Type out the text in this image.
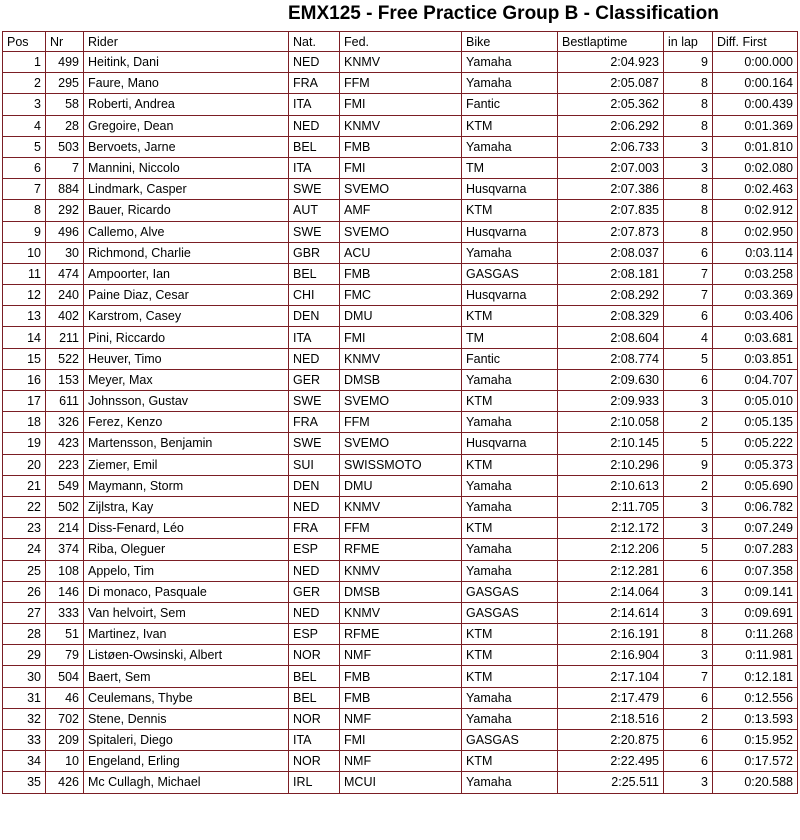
EMX125 - Free Practice Group B - Classification
Pos	Nr	Rider	Nat.	Fed.	Bike	Bestlaptime	in lap	Diff. First
1	499	Heitink, Dani	NED	KNMV	Yamaha	2:04.923	9	0:00.000
2	295	Faure, Mano	FRA	FFM	Yamaha	2:05.087	8	0:00.164
3	58	Roberti, Andrea	ITA	FMI	Fantic	2:05.362	8	0:00.439
4	28	Gregoire, Dean	NED	KNMV	KTM	2:06.292	8	0:01.369
5	503	Bervoets, Jarne	BEL	FMB	Yamaha	2:06.733	3	0:01.810
6	7	Mannini, Niccolo	ITA	FMI	TM	2:07.003	3	0:02.080
7	884	Lindmark, Casper	SWE	SVEMO	Husqvarna	2:07.386	8	0:02.463
8	292	Bauer, Ricardo	AUT	AMF	KTM	2:07.835	8	0:02.912
9	496	Callemo, Alve	SWE	SVEMO	Husqvarna	2:07.873	8	0:02.950
10	30	Richmond, Charlie	GBR	ACU	Yamaha	2:08.037	6	0:03.114
11	474	Ampoorter, Ian	BEL	FMB	GASGAS	2:08.181	7	0:03.258
12	240	Paine Diaz, Cesar	CHI	FMC	Husqvarna	2:08.292	7	0:03.369
13	402	Karstrom, Casey	DEN	DMU	KTM	2:08.329	6	0:03.406
14	211	Pini, Riccardo	ITA	FMI	TM	2:08.604	4	0:03.681
15	522	Heuver, Timo	NED	KNMV	Fantic	2:08.774	5	0:03.851
16	153	Meyer, Max	GER	DMSB	Yamaha	2:09.630	6	0:04.707
17	611	Johnsson, Gustav	SWE	SVEMO	KTM	2:09.933	3	0:05.010
18	326	Ferez, Kenzo	FRA	FFM	Yamaha	2:10.058	2	0:05.135
19	423	Martensson, Benjamin	SWE	SVEMO	Husqvarna	2:10.145	5	0:05.222
20	223	Ziemer, Emil	SUI	SWISSMOTO	KTM	2:10.296	9	0:05.373
21	549	Maymann, Storm	DEN	DMU	Yamaha	2:10.613	2	0:05.690
22	502	Zijlstra, Kay	NED	KNMV	Yamaha	2:11.705	3	0:06.782
23	214	Diss-Fenard, Léo	FRA	FFM	KTM	2:12.172	3	0:07.249
24	374	Riba, Oleguer	ESP	RFME	Yamaha	2:12.206	5	0:07.283
25	108	Appelo, Tim	NED	KNMV	Yamaha	2:12.281	6	0:07.358
26	146	Di monaco, Pasquale	GER	DMSB	GASGAS	2:14.064	3	0:09.141
27	333	Van helvoirt, Sem	NED	KNMV	GASGAS	2:14.614	3	0:09.691
28	51	Martinez, Ivan	ESP	RFME	KTM	2:16.191	8	0:11.268
29	79	Listøen-Owsinski, Albert	NOR	NMF	KTM	2:16.904	3	0:11.981
30	504	Baert, Sem	BEL	FMB	KTM	2:17.104	7	0:12.181
31	46	Ceulemans, Thybe	BEL	FMB	Yamaha	2:17.479	6	0:12.556
32	702	Stene, Dennis	NOR	NMF	Yamaha	2:18.516	2	0:13.593
33	209	Spitaleri, Diego	ITA	FMI	GASGAS	2:20.875	6	0:15.952
34	10	Engeland, Erling	NOR	NMF	KTM	2:22.495	6	0:17.572
35	426	Mc Cullagh, Michael	IRL	MCUI	Yamaha	2:25.511	3	0:20.588
